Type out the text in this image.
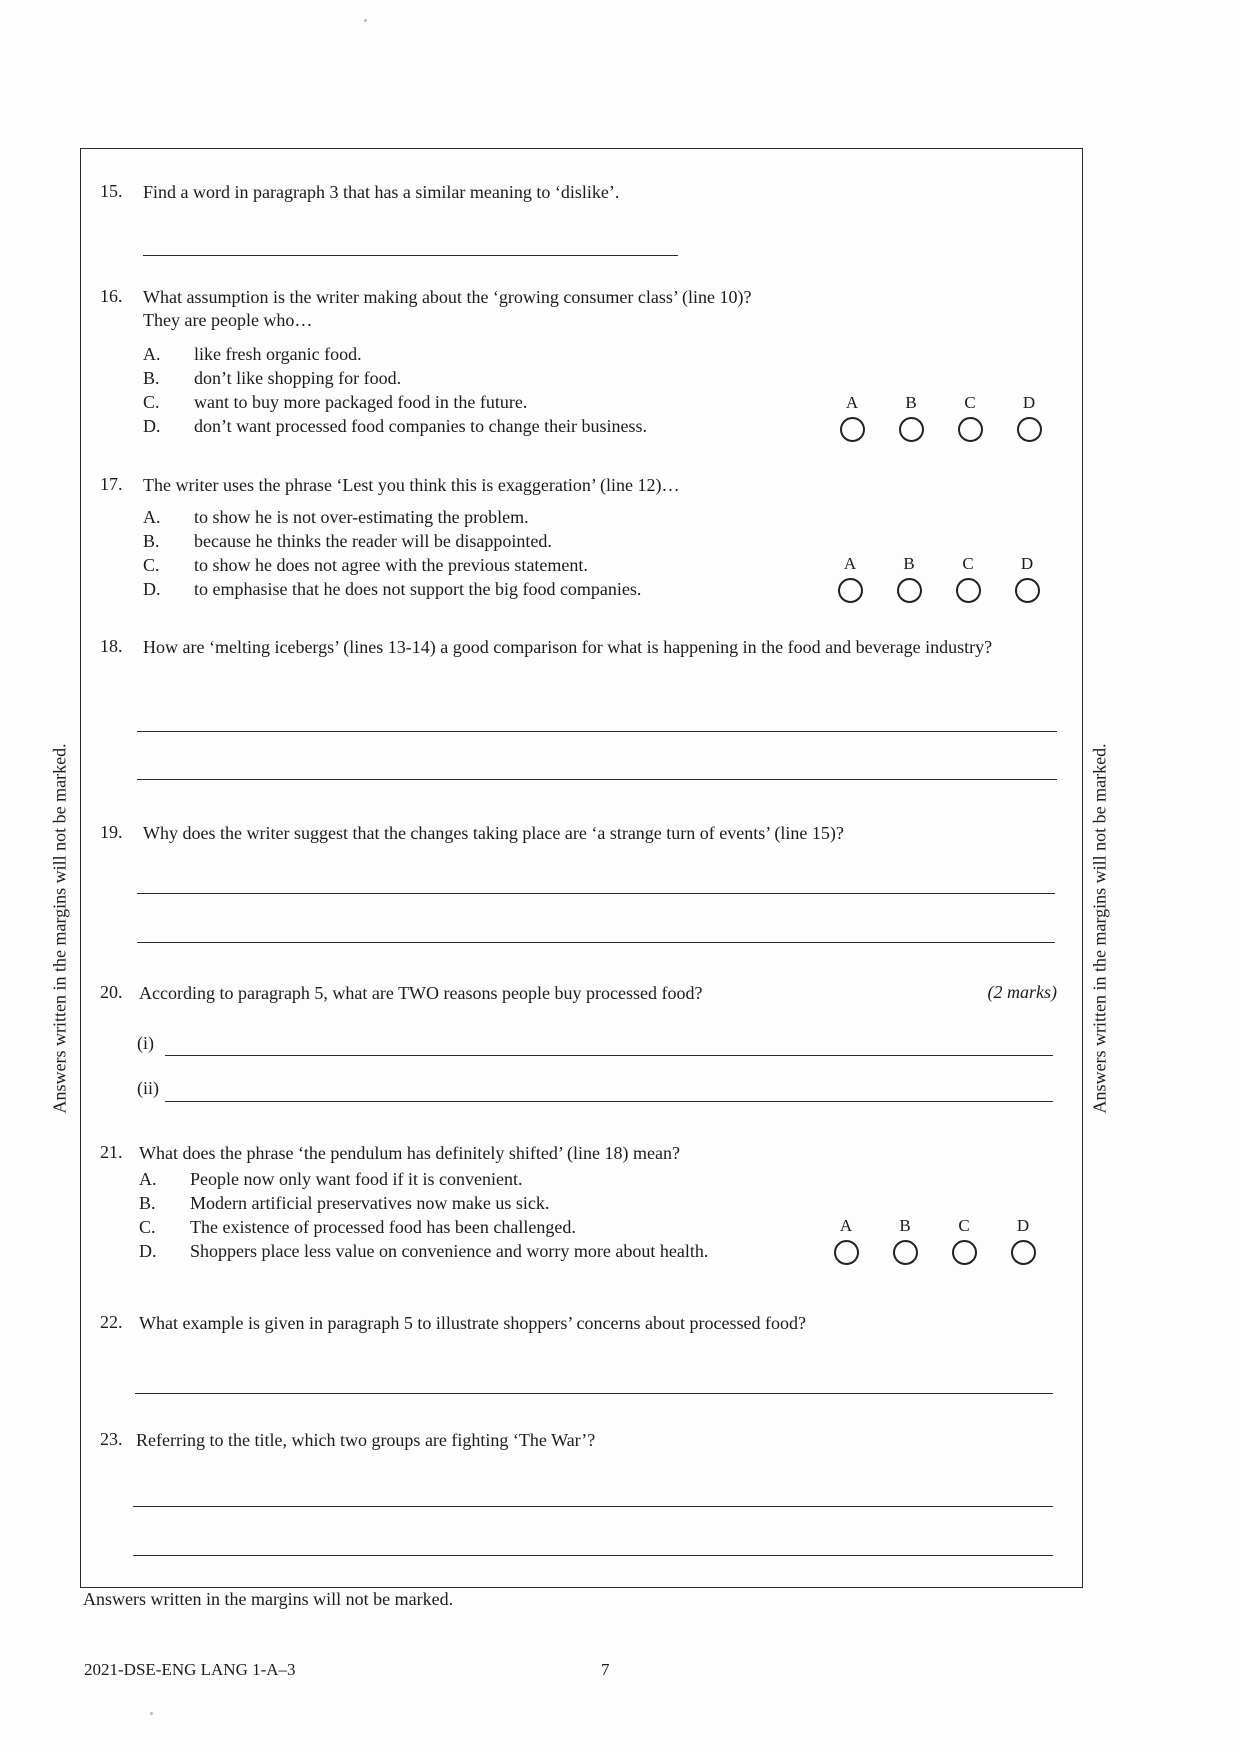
Answers written in the margins will not be marked.	Answers written in the margins will not be marked.
15. Find a word in paragraph 3 that has a similar meaning to ‘dislike’.
16. What assumption is the writer making about the ‘growing consumer class’ (line 10)?
They are people who…
A. like fresh organic food.
B. don’t like shopping for food.
C. want to buy more packaged food in the future.
D. don’t want processed food companies to change their business.
A	B	C	D
17. The writer uses the phrase ‘Lest you think this is exaggeration’ (line 12)…
A. to show he is not over-estimating the problem.
B. because he thinks the reader will be disappointed.
C. to show he does not agree with the previous statement.
D. to emphasise that he does not support the big food companies.
A	B	C	D
18. How are ‘melting icebergs’ (lines 13-14) a good comparison for what is happening in the food and beverage industry?
19. Why does the writer suggest that the changes taking place are ‘a strange turn of events’ (line 15)?
20. According to paragraph 5, what are TWO reasons people buy processed food?	(2 marks)
(i)
(ii)
21. What does the phrase ‘the pendulum has definitely shifted’ (line 18) mean?
A. People now only want food if it is convenient.
B. Modern artificial preservatives now make us sick.
C. The existence of processed food has been challenged.
D. Shoppers place less value on convenience and worry more about health.
A	B	C	D
22. What example is given in paragraph 5 to illustrate shoppers’ concerns about processed food?
23. Referring to the title, which two groups are fighting ‘The War’?
Answers written in the margins will not be marked.
2021-DSE-ENG LANG 1-A–3	7
